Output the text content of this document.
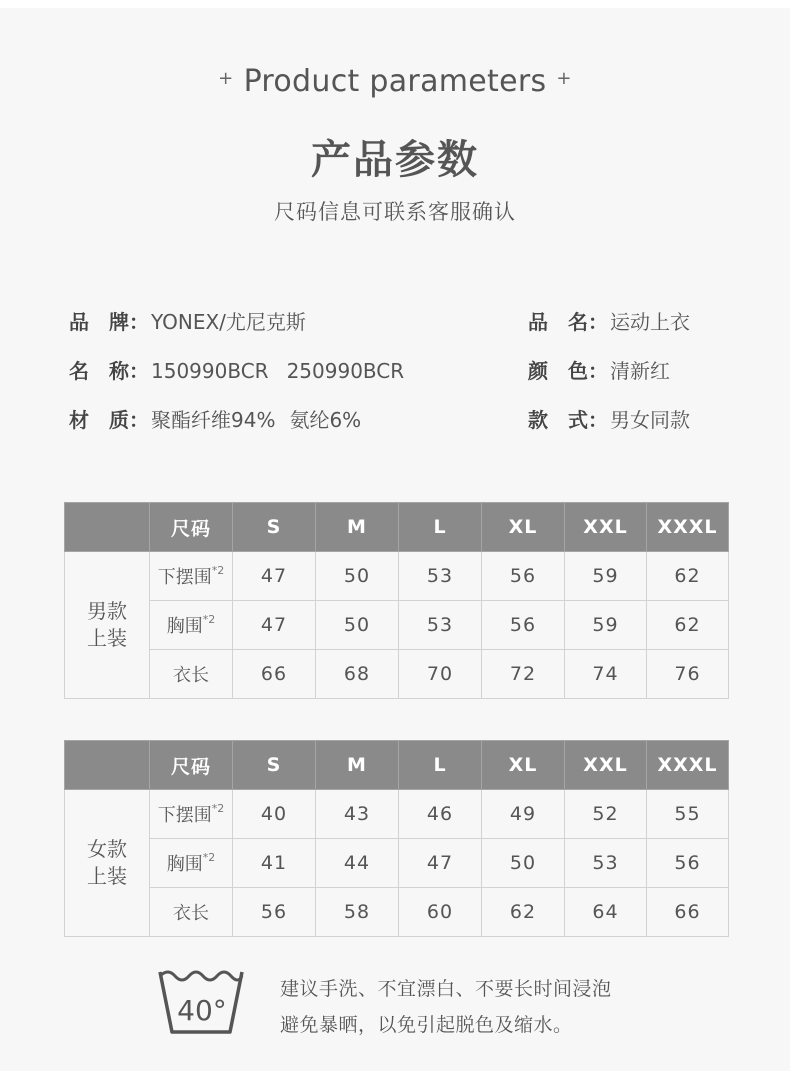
+ Product parameters +
产品参数
尺码信息可联系客服确认
品　牌： YONEX/尤尼克斯	品　名： 运动上衣
名　称： 150990BCR 250990BCR	颜　色： 清新红
材　质： 聚酯纤维94% 氨纶6%	款　式： 男女同款
	尺码	S	M	L	XL	XXL	XXXL
男款
上装	下摆围$^{*2}$	47	50	53	56	59	62
	胸围$^{*2}$	47	50	53	56	59	62
	衣长	66	68	70	72	74	76
	尺码	S	M	L	XL	XXL	XXXL
女款
上装	下摆围$^{*2}$	40	43	46	49	52	55
	胸围$^{*2}$	41	44	47	50	53	56
	衣长	56	58	60	62	64	66
40°
建议手洗、不宜漂白、不要长时间浸泡
避免暴晒，以免引起脱色及缩水。
